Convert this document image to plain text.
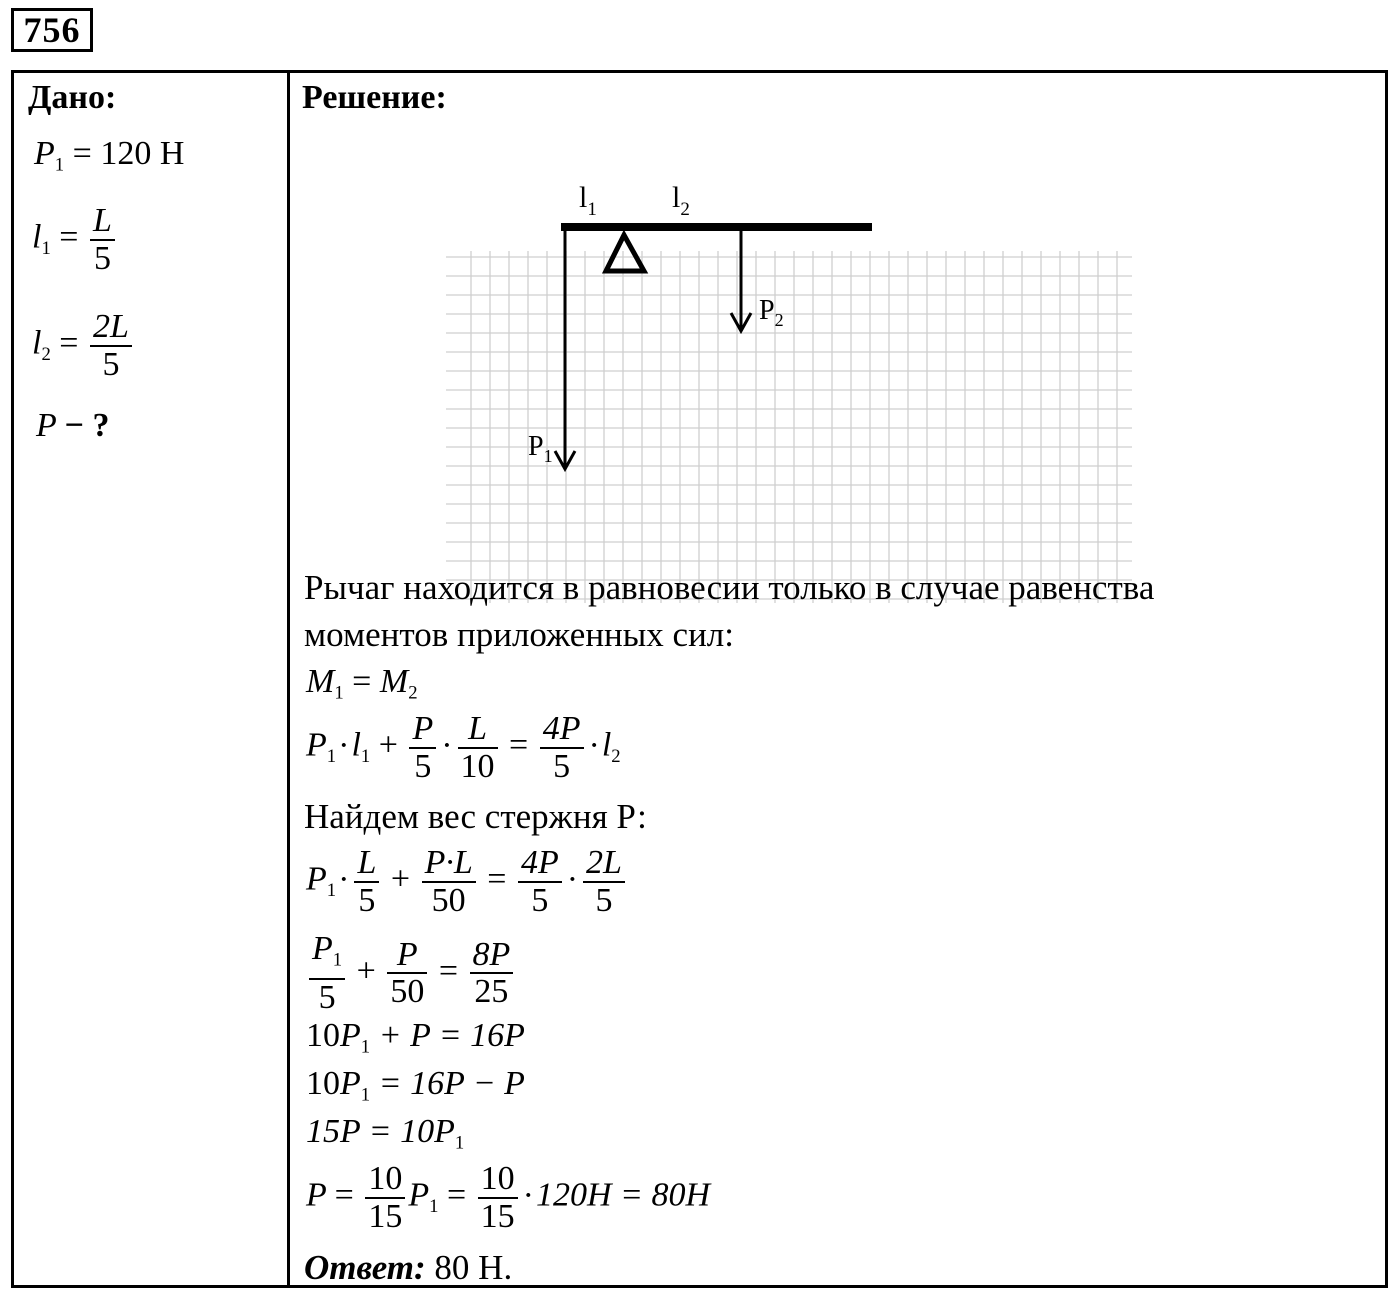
756
Дано:
$P_1 = 120$ Н
$l_1 = \frac{L}{5}$
$l_2 = \frac{2L}{5}$
P − ?
Решение:
$l_1$	$l_2$
$P_1$
$P_2$
Рычаг находится в равновесии только в случае равенства
моментов приложенных сил:
$M_1 = M_2$
$P_1\cdot l_1 + \frac{P}{5} \cdot \frac{L}{10} = \frac{4P}{5} \cdot l_2$
Найдем вес стержня Р:
$P_1\cdot \frac{L}{5} + \frac{P\cdot L}{50} = \frac{4P}{5} \cdot \frac{2L}{5}$
$\frac{P_1}{5} + \frac{P}{50} = \frac{8P}{25}$
$10P_1 + P = 16P$
$10P_1 = 16P - P$
$15P = 10P_1$
$P = \frac{10}{15} P_1 = \frac{10}{15} \cdot 120H = 80H$
Ответ: 80 Н.
